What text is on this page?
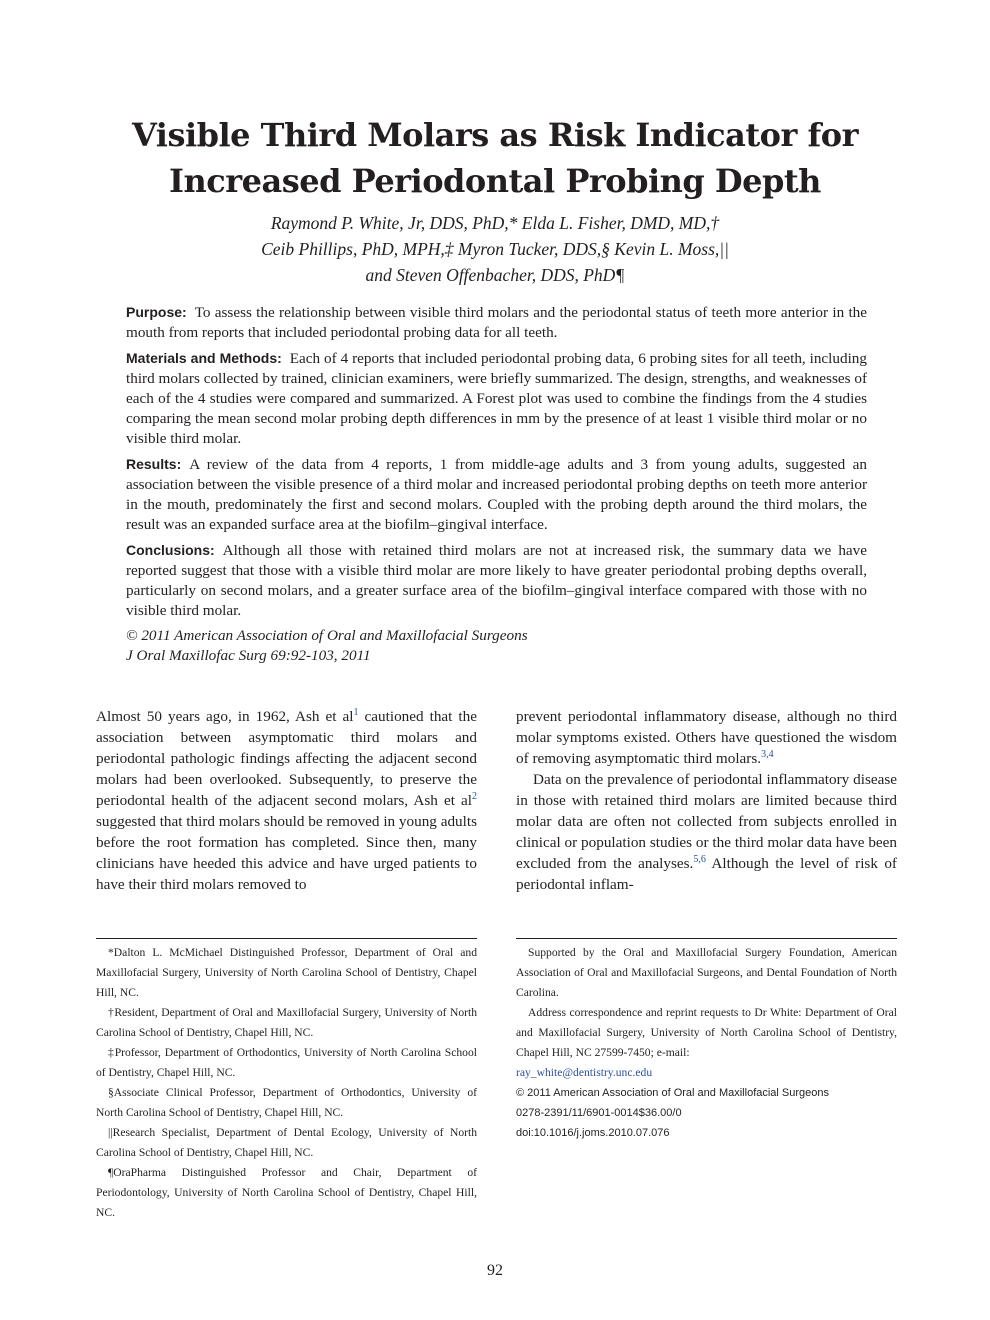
Visible Third Molars as Risk Indicator for
Increased Periodontal Probing Depth
Raymond P. White, Jr, DDS, PhD,* Elda L. Fisher, DMD, MD,†
Ceib Phillips, PhD, MPH,‡ Myron Tucker, DDS,§ Kevin L. Moss,||
and Steven Offenbacher, DDS, PhD¶

Purpose: To assess the relationship between visible third molars and the periodontal status of teeth more anterior in the mouth from reports that included periodontal probing data for all teeth.

Materials and Methods: Each of 4 reports that included periodontal probing data, 6 probing sites for all teeth, including third molars collected by trained, clinician examiners, were briefly summarized. The design, strengths, and weaknesses of each of the 4 studies were compared and summarized. A Forest plot was used to combine the findings from the 4 studies comparing the mean second molar probing depth differences in mm by the presence of at least 1 visible third molar or no visible third molar.

Results: A review of the data from 4 reports, 1 from middle-age adults and 3 from young adults, suggested an association between the visible presence of a third molar and increased periodontal probing depths on teeth more anterior in the mouth, predominately the first and second molars. Coupled with the probing depth around the third molars, the result was an expanded surface area at the biofilm–gingival interface.

Conclusions: Although all those with retained third molars are not at increased risk, the summary data we have reported suggest that those with a visible third molar are more likely to have greater periodontal probing depths overall, particularly on second molars, and a greater surface area of the biofilm–gingival interface compared with those with no visible third molar.

© 2011 American Association of Oral and Maxillofacial Surgeons

J Oral Maxillofac Surg 69:92-103, 2011

Almost 50 years ago, in 1962, Ash et $al^1$ cautioned that the association between asymptomatic third molars and periodontal pathologic findings affecting the adjacent second molars had been overlooked. Subsequently, to preserve the periodontal health of the adjacent second molars, Ash et $al^2$ suggested that third molars should be removed in young adults before the root formation has completed. Since then, many clinicians have heeded this advice and have urged patients to have their third molars removed to

prevent periodontal inflammatory disease, although no third molar symptoms existed. Others have questioned the wisdom of removing asymptomatic third molars.$^{3,4}$

Data on the prevalence of periodontal inflammatory disease in those with retained third molars are limited because third molar data are often not collected from subjects enrolled in clinical or population studies or the third molar data have been excluded from the analyses.$^{5,6}$ Although the level of risk of periodontal inflam-

*Dalton L. McMichael Distinguished Professor, Department of Oral and Maxillofacial Surgery, University of North Carolina School of Dentistry, Chapel Hill, NC.

†Resident, Department of Oral and Maxillofacial Surgery, University of North Carolina School of Dentistry, Chapel Hill, NC.

‡Professor, Department of Orthodontics, University of North Carolina School of Dentistry, Chapel Hill, NC.

§Associate Clinical Professor, Department of Orthodontics, University of North Carolina School of Dentistry, Chapel Hill, NC.

||Research Specialist, Department of Dental Ecology, University of North Carolina School of Dentistry, Chapel Hill, NC.

¶OraPharma Distinguished Professor and Chair, Department of Periodontology, University of North Carolina School of Dentistry, Chapel Hill, NC.

Supported by the Oral and Maxillofacial Surgery Foundation, American Association of Oral and Maxillofacial Surgeons, and Dental Foundation of North Carolina.

Address correspondence and reprint requests to Dr White: Department of Oral and Maxillofacial Surgery, University of North Carolina School of Dentistry, Chapel Hill, NC 27599-7450; e-mail:

ray_white@dentistry.unc.edu

© 2011 American Association of Oral and Maxillofacial Surgeons

0278-2391/11/6901-0014$36.00/0

doi:10.1016/j.joms.2010.07.076

92
